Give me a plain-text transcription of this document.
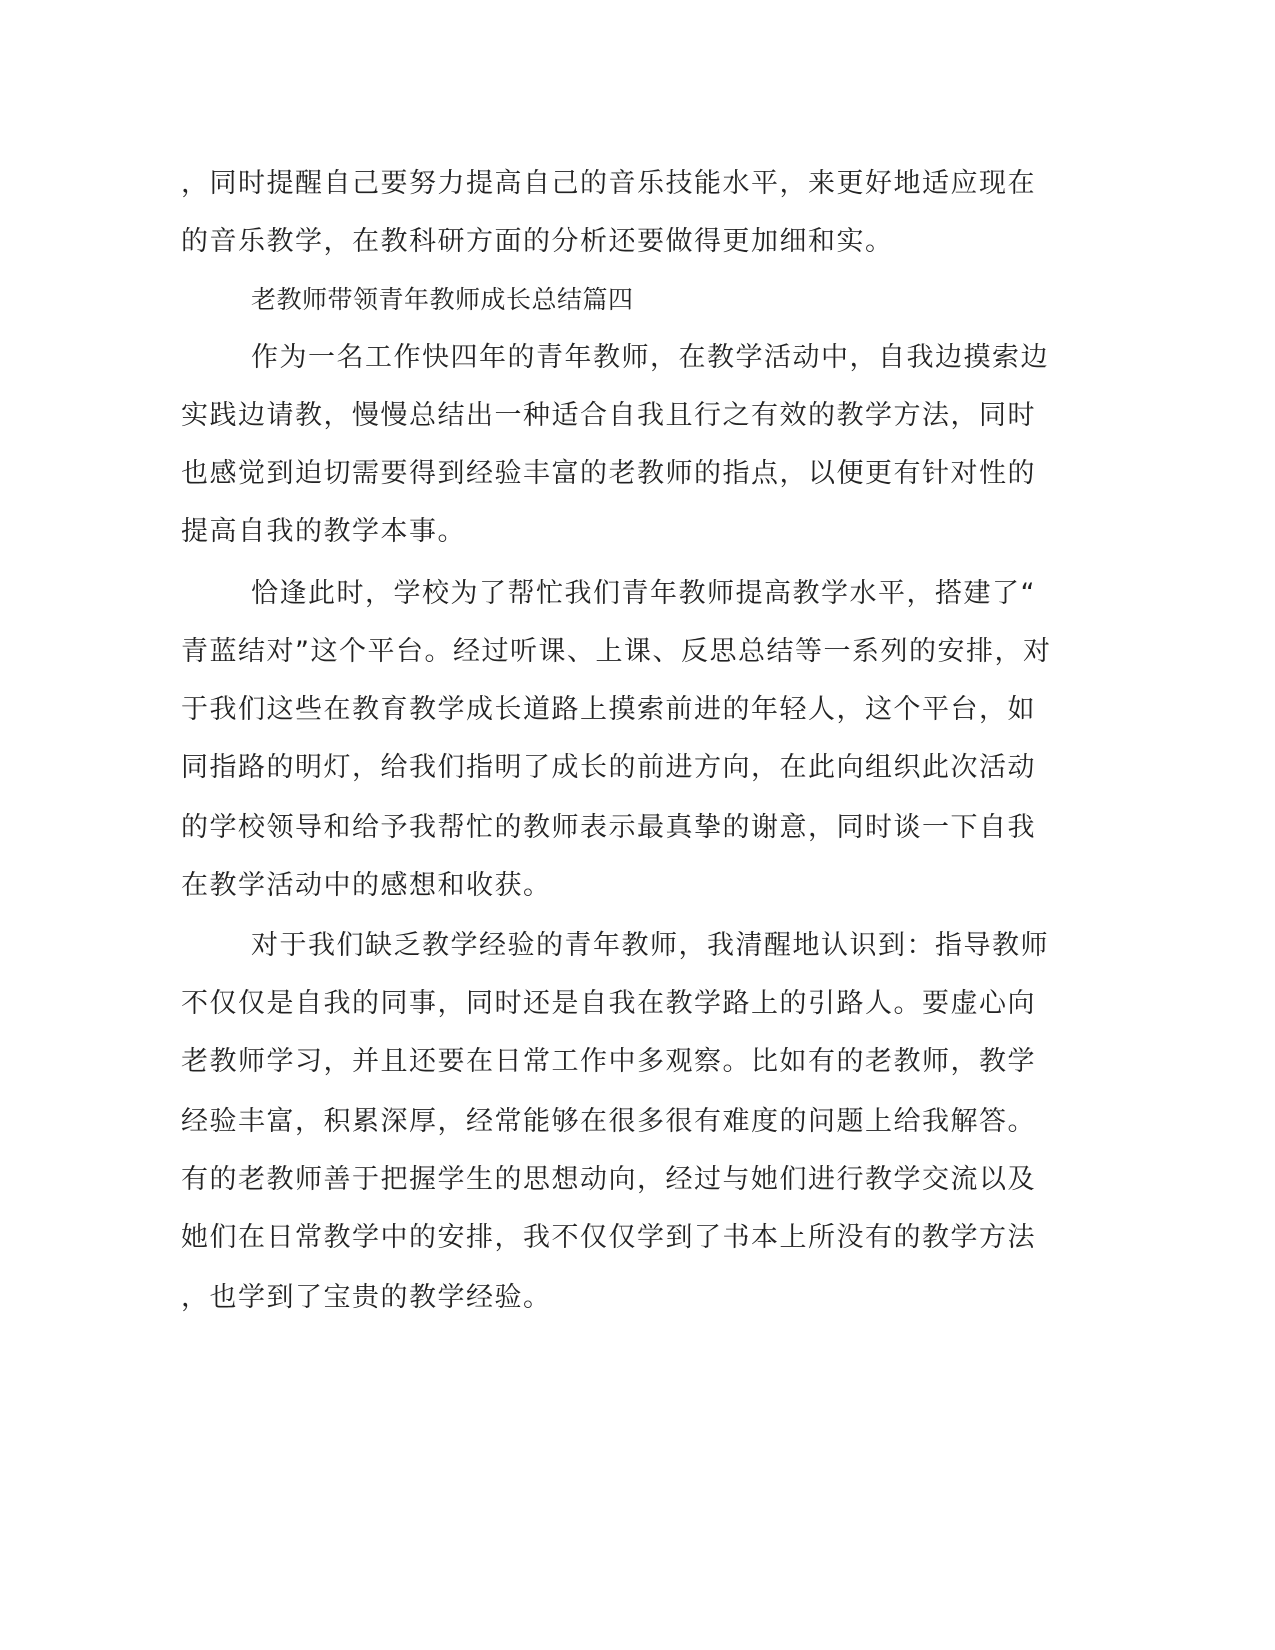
，同时提醒自己要努力提高自己的音乐技能水平，来更好地适应现在
的音乐教学，在教科研方面的分析还要做得更加细和实。
老教师带领青年教师成长总结篇四
作为一名工作快四年的青年教师，在教学活动中，自我边摸索边
实践边请教，慢慢总结出一种适合自我且行之有效的教学方法，同时
也感觉到迫切需要得到经验丰富的老教师的指点，以便更有针对性的
提高自我的教学本事。
恰逢此时，学校为了帮忙我们青年教师提高教学水平，搭建了“
青蓝结对”这个平台。经过听课、上课、反思总结等一系列的安排，对
于我们这些在教育教学成长道路上摸索前进的年轻人，这个平台，如
同指路的明灯，给我们指明了成长的前进方向，在此向组织此次活动
的学校领导和给予我帮忙的教师表示最真挚的谢意，同时谈一下自我
在教学活动中的感想和收获。
对于我们缺乏教学经验的青年教师，我清醒地认识到：指导教师
不仅仅是自我的同事，同时还是自我在教学路上的引路人。要虚心向
老教师学习，并且还要在日常工作中多观察。比如有的老教师，教学
经验丰富，积累深厚，经常能够在很多很有难度的问题上给我解答。
有的老教师善于把握学生的思想动向，经过与她们进行教学交流以及
她们在日常教学中的安排，我不仅仅学到了书本上所没有的教学方法
，也学到了宝贵的教学经验。
